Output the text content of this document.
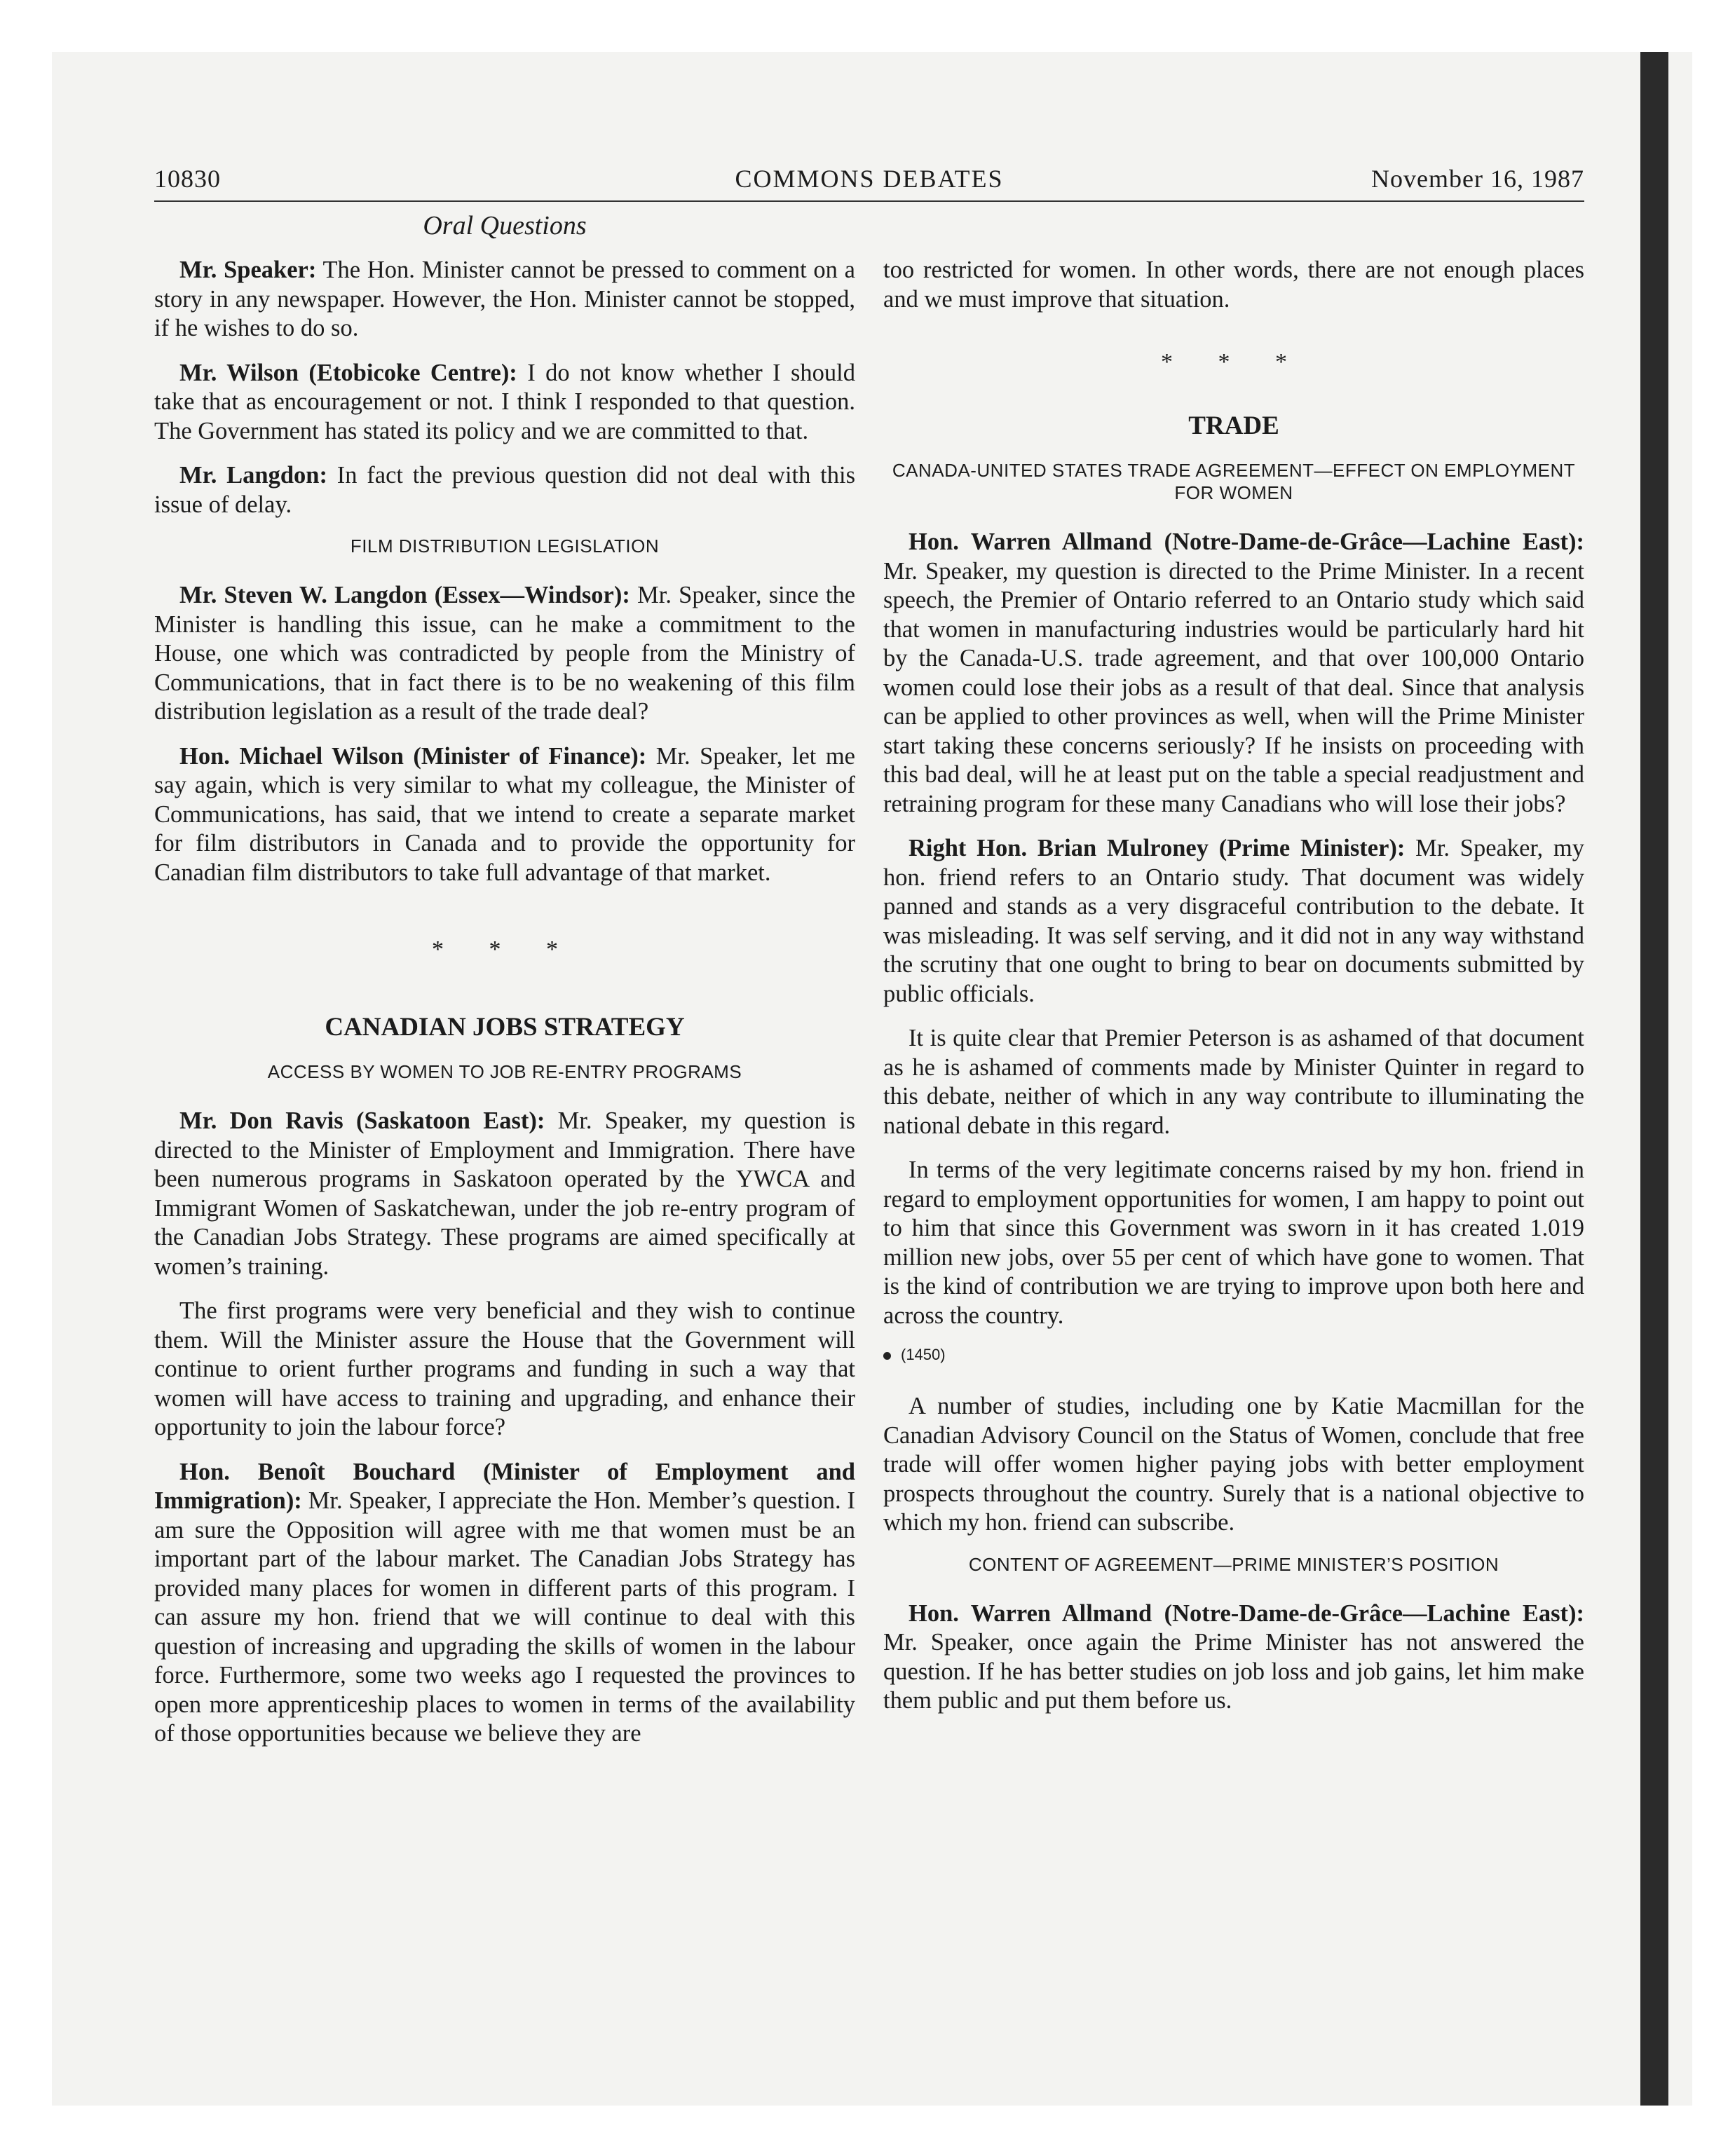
10830	COMMONS DEBATES	November 16, 1987
Oral Questions

Mr. Speaker: The Hon. Minister cannot be pressed to comment on a story in any newspaper. However, the Hon. Minister cannot be stopped, if he wishes to do so.

Mr. Wilson (Etobicoke Centre): I do not know whether I should take that as encouragement or not. I think I responded to that question. The Government has stated its policy and we are committed to that.

Mr. Langdon: In fact the previous question did not deal with this issue of delay.

FILM DISTRIBUTION LEGISLATION

Mr. Steven W. Langdon (Essex—Windsor): Mr. Speaker, since the Minister is handling this issue, can he make a commitment to the House, one which was contradicted by people from the Ministry of Communications, that in fact there is to be no weakening of this film distribution legislation as a result of the trade deal?

Hon. Michael Wilson (Minister of Finance): Mr. Speaker, let me say again, which is very similar to what my colleague, the Minister of Communications, has said, that we intend to create a separate market for film distributors in Canada and to provide the opportunity for Canadian film distributors to take full advantage of that market.

* * *
CANADIAN JOBS STRATEGY
ACCESS BY WOMEN TO JOB RE-ENTRY PROGRAMS

Mr. Don Ravis (Saskatoon East): Mr. Speaker, my question is directed to the Minister of Employment and Immigration. There have been numerous programs in Saskatoon operated by the YWCA and Immigrant Women of Saskatchewan, under the job re-entry program of the Canadian Jobs Strategy. These programs are aimed specifically at women’s training.

The first programs were very beneficial and they wish to continue them. Will the Minister assure the House that the Government will continue to orient further programs and funding in such a way that women will have access to training and upgrading, and enhance their opportunity to join the labour force?

Hon. Benoît Bouchard (Minister of Employment and Immigration): Mr. Speaker, I appreciate the Hon. Member’s question. I am sure the Opposition will agree with me that women must be an important part of the labour market. The Canadian Jobs Strategy has provided many places for women in different parts of this program. I can assure my hon. friend that we will continue to deal with this question of increasing and upgrading the skills of women in the labour force. Furthermore, some two weeks ago I requested the provinces to open more apprenticeship places to women in terms of the availability of those opportunities because we believe they are

too restricted for women. In other words, there are not enough places and we must improve that situation.

* * *
TRADE
CANADA-UNITED STATES TRADE AGREEMENT—EFFECT ON EMPLOYMENT FOR WOMEN

Hon. Warren Allmand (Notre-Dame-de-Grâce—Lachine East): Mr. Speaker, my question is directed to the Prime Minister. In a recent speech, the Premier of Ontario referred to an Ontario study which said that women in manufacturing industries would be particularly hard hit by the Canada-U.S. trade agreement, and that over 100,000 Ontario women could lose their jobs as a result of that deal. Since that analysis can be applied to other provinces as well, when will the Prime Minister start taking these concerns seriously? If he insists on proceeding with this bad deal, will he at least put on the table a special readjustment and retraining program for these many Canadians who will lose their jobs?

Right Hon. Brian Mulroney (Prime Minister): Mr. Speaker, my hon. friend refers to an Ontario study. That document was widely panned and stands as a very disgraceful contribution to the debate. It was misleading. It was self serving, and it did not in any way withstand the scrutiny that one ought to bring to bear on documents submitted by public officials.

It is quite clear that Premier Peterson is as ashamed of that document as he is ashamed of comments made by Minister Quinter in regard to this debate, neither of which in any way contribute to illuminating the national debate in this regard.

In terms of the very legitimate concerns raised by my hon. friend in regard to employment opportunities for women, I am happy to point out to him that since this Government was sworn in it has created 1.019 million new jobs, over 55 per cent of which have gone to women. That is the kind of contribution we are trying to improve upon both here and across the country.

(1450)

A number of studies, including one by Katie Macmillan for the Canadian Advisory Council on the Status of Women, conclude that free trade will offer women higher paying jobs with better employment prospects throughout the country. Surely that is a national objective to which my hon. friend can subscribe.

CONTENT OF AGREEMENT—PRIME MINISTER’S POSITION

Hon. Warren Allmand (Notre-Dame-de-Grâce—Lachine East): Mr. Speaker, once again the Prime Minister has not answered the question. If he has better studies on job loss and job gains, let him make them public and put them before us.
